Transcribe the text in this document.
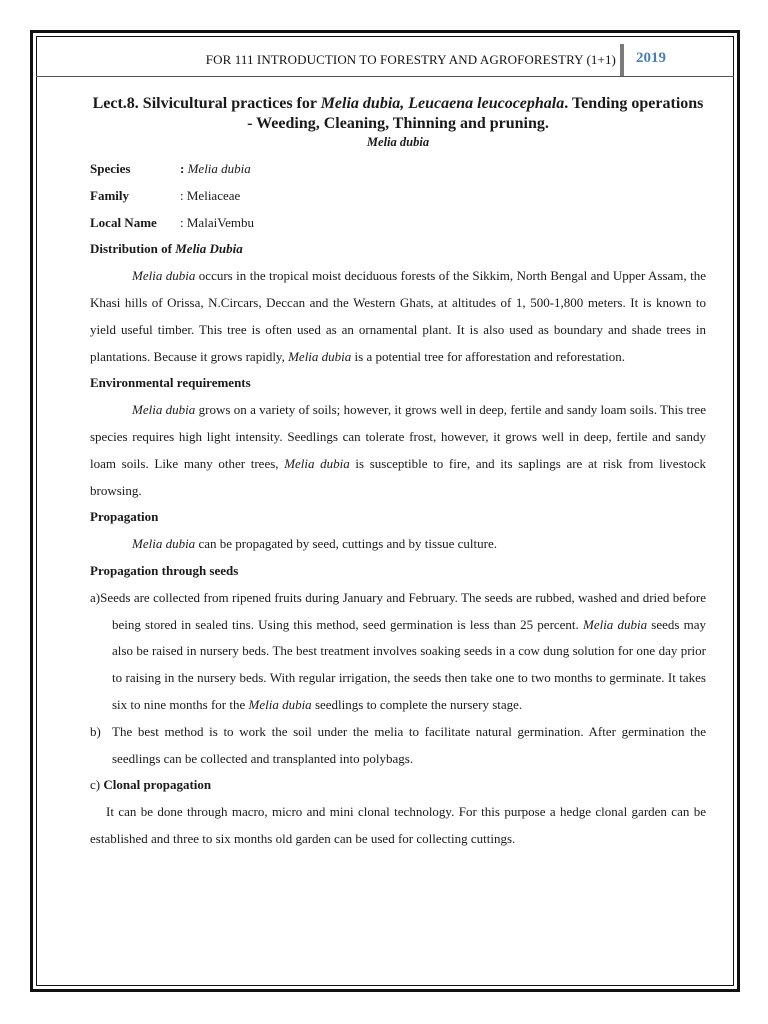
FOR 111 INTRODUCTION TO FORESTRY AND AGROFORESTRY (1+1) 2019

Lect.8. Silvicultural practices for Melia dubia, Leucaena leucocephala. Tending operations - Weeding, Cleaning, Thinning and pruning.

Melia dubia

Species	: Melia dubia
Family	: Meliaceae
Local Name	: MalaiVembu

Distribution of Melia Dubia

Melia dubia occurs in the tropical moist deciduous forests of the Sikkim, North Bengal and Upper Assam, the Khasi hills of Orissa, N.Circars, Deccan and the Western Ghats, at altitudes of 1, 500-1,800 meters. It is known to yield useful timber. This tree is often used as an ornamental plant. It is also used as boundary and shade trees in plantations. Because it grows rapidly, Melia dubia is a potential tree for afforestation and reforestation.

Environmental requirements

Melia dubia grows on a variety of soils; however, it grows well in deep, fertile and sandy loam soils. This tree species requires high light intensity. Seedlings can tolerate frost, however, it grows well in deep, fertile and sandy loam soils. Like many other trees, Melia dubia is susceptible to fire, and its saplings are at risk from livestock browsing.

Propagation

Melia dubia can be propagated by seed, cuttings and by tissue culture.

Propagation through seeds

a)Seeds are collected from ripened fruits during January and February. The seeds are rubbed, washed and dried before being stored in sealed tins. Using this method, seed germination is less than 25 percent. Melia dubia seeds may also be raised in nursery beds. The best treatment involves soaking seeds in a cow dung solution for one day prior to raising in the nursery beds. With regular irrigation, the seeds then take one to two months to germinate. It takes six to nine months for the Melia dubia seedlings to complete the nursery stage.

b) The best method is to work the soil under the melia to facilitate natural germination. After germination the seedlings can be collected and transplanted into polybags.

c) Clonal propagation

It can be done through macro, micro and mini clonal technology. For this purpose a hedge clonal garden can be established and three to six months old garden can be used for collecting cuttings.
